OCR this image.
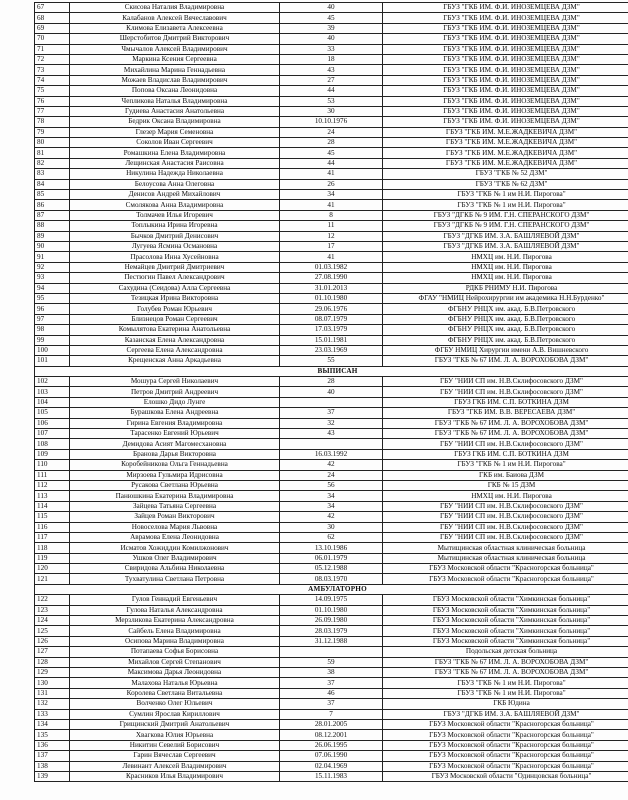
67	Скисова Наталия Владимировна	40	ГБУЗ "ГКБ ИМ. Ф.И. ИНОЗЕМЦЕВА ДЗМ"
68	Калабанов Алексей Вячеславович	45	ГБУЗ "ГКБ ИМ. Ф.И. ИНОЗЕМЦЕВА ДЗМ"
69	Климова Елизавета Алексеевна	39	ГБУЗ "ГКБ ИМ. Ф.И. ИНОЗЕМЦЕВА ДЗМ"
70	Шерстобитов Дмитрий Викторович	40	ГБУЗ "ГКБ ИМ. Ф.И. ИНОЗЕМЦЕВА ДЗМ"
71	Чмычалов Алексей Владимирович	33	ГБУЗ "ГКБ ИМ. Ф.И. ИНОЗЕМЦЕВА ДЗМ"
72	Маркина Ксения Сергеевна	18	ГБУЗ "ГКБ ИМ. Ф.И. ИНОЗЕМЦЕВА ДЗМ"
73	Михайлина Марина Геннадьевна	43	ГБУЗ "ГКБ ИМ. Ф.И. ИНОЗЕМЦЕВА ДЗМ"
74	Можаев Владислав Владимирович	27	ГБУЗ "ГКБ ИМ. Ф.И. ИНОЗЕМЦЕВА ДЗМ"
75	Попова Оксана Леонидовна	44	ГБУЗ "ГКБ ИМ. Ф.И. ИНОЗЕМЦЕВА ДЗМ"
76	Чепликова Наталья Владимировна	53	ГБУЗ "ГКБ ИМ. Ф.И. ИНОЗЕМЦЕВА ДЗМ"
77	Гудиева Анастасия Анатольевна	30	ГБУЗ "ГКБ ИМ. Ф.И. ИНОЗЕМЦЕВА ДЗМ"
78	Бедрик Оксана Владимировна	10.10.1976	ГБУЗ "ГКБ ИМ. Ф.И. ИНОЗЕМЦЕВА ДЗМ"
79	Глезер Мария Семеновна	24	ГБУЗ "ГКБ ИМ. М.Е.ЖАДКЕВИЧА ДЗМ"
80	Соколов Иван Сергеевич	28	ГБУЗ "ГКБ ИМ. М.Е.ЖАДКЕВИЧА ДЗМ"
81	Ромашкина Елена Владимировна	45	ГБУЗ "ГКБ ИМ. М.Е.ЖАДКЕВИЧА ДЗМ"
82	Лещинская Анастасия Раисовна	44	ГБУЗ "ГКБ ИМ. М.Е.ЖАДКЕВИЧА ДЗМ"
83	Никулина Надежда Николаевна	41	ГБУЗ "ГКБ № 52 ДЗМ"
84	Белоусова Анна Олеговна	26	ГБУЗ "ГКБ № 62 ДЗМ"
85	Денисов Андрей Михайлович	34	ГБУЗ "ГКБ № 1 им Н.И. Пирогова"
86	Смолякова Анна Владимировна	41	ГБУЗ "ГКБ № 1 им Н.И. Пирогова"
87	Толмачев Илья Игоревич	8	ГБУЗ "ДГКБ № 9 ИМ. Г.Н. СПЕРАНСКОГО ДЗМ"
88	Топлыкина Ирина Игоревна	11	ГБУЗ "ДГКБ № 9 ИМ. Г.Н. СПЕРАНСКОГО ДЗМ"
89	Бычков Дмитрий Денисович	12	ГБУЗ "ДГКБ ИМ. З.А. БАШЛЯЕВОЙ ДЗМ"
90	Лугуева Ясмина Османовна	17	ГБУЗ "ДГКБ ИМ. З.А. БАШЛЯЕВОЙ ДЗМ"
91	Прасолова Инна Хусейновна	41	НМХЦ им. Н.И. Пирогова
92	Немайцев Дмитрий Дмитриевич	01.03.1982	НМХЦ им. Н.И. Пирогова
93	Пестюгин Павел Александрович	27.08.1990	НМХЦ им. Н.И. Пирогова
94	Сахудина (Сеидова) Алла Сергеевна	31.01.2013	РДКБ РНИМУ Н.И. Пирогова
95	Тезицкая Ирина Викторовна	01.10.1980	ФГАУ "НМИЦ Нейрохирургии им академика Н.Н.Бурденко"
96	Голубев Роман Юрьевич	29.06.1976	ФГБНУ РНЦХ им. акад. Б.В.Петровского
97	Близнецов Роман Сергеевич	08.07.1979	ФГБНУ РНЦХ им. акад. Б.В.Петровского
98	Комылятова Екатерина Анатольевна	17.03.1979	ФГБНУ РНЦХ им. акад. Б.В.Петровского
99	Казанская Елена Александровна	15.01.1981	ФГБНУ РНЦХ им. акад. Б.В.Петровского
100	Сергеева Елена Александровна	23.03.1969	ФГБУ НМИЦ Хирургии имени А.В. Вишневского
101	Крещенская Анна Аркадьевна	55	ГБУЗ "ГКБ № 67 ИМ. Л. А. ВОРОХОБОВА ДЗМ"
ВЫПИСАН			
102	Мошура Сергей Николаевич	28	ГБУ "НИИ СП им. Н.В.Склифосовского ДЗМ"
103	Петров Дмитрий Андреевич	40	ГБУ "НИИ СП им. Н.В.Склифосовского ДЗМ"
104	Елошко Дидо Лунге		ГБУЗ ГКБ ИМ. С.П. БОТКИНА ДЗМ
105	Бурашкова Елена Андреевна	37	ГБУЗ "ГКБ ИМ. В.В. ВЕРЕСАЕВА ДЗМ"
106	Гирина Евгения Владимировна	32	ГБУЗ "ГКБ № 67 ИМ. Л. А. ВОРОХОБОВА ДЗМ"
107	Тарасенко Евгений Юрьевич	43	ГБУЗ "ГКБ № 67 ИМ. Л. А. ВОРОХОБОВА ДЗМ"
108	Демидова Асият Магомесхановна		ГБУ "НИИ СП им. Н.В.Склифосовского ДЗМ"
109	Бранова Дарья Викторовна	16.03.1992	ГБУЗ ГКБ ИМ. С.П. БОТКИНА ДЗМ
110	Коробейникова Ольга Геннадьевна	42	ГБУЗ "ГКБ № 1 им Н.И. Пирогова"
111	Мирзоева Гульмира Идрисовна	24	ГКБ им. Баиова ДЗМ
112	Русакова Светлана Юрьевна	56	ГКБ № 15 ДЗМ
113	Панюшкина Екатерина Владимировна	34	НМХЦ им. Н.И. Пирогова
114	Зайцева Татьяна Сергеевна	34	ГБУ "НИИ СП им. Н.В.Склифосовского ДЗМ"
115	Зайцев Роман Викторович	42	ГБУ "НИИ СП им. Н.В.Склифосовского ДЗМ"
116	Новоселова Мария Львовна	30	ГБУ "НИИ СП им. Н.В.Склифосовского ДЗМ"
117	Аврамова Елена Леонидовна	62	ГБУ "НИИ СП им. Н.В.Склифосовского ДЗМ"
118	Исматов Хожиддин Комилжонович	13.10.1986	Мытищинская областная клиническая больница
119	Ушков Олег Владимирович	06.01.1979	Мытищинская областная клиническая больница
120	Свиридова Альбина Николаевна	05.12.1988	ГБУЗ Московской области "Красногорская больница"
121	Тухватулина Светлана Петровна	08.03.1970	ГБУЗ Московской области "Красногорская больница"
АМБУЛАТОРНО			
122	Гулов Геннадий Евгеньевич	14.09.1975	ГБУЗ Московской области "Химкинская больница"
123	Гулова Наталья Александровна	01.10.1980	ГБУЗ Московской области "Химкинская больница"
124	Мерзликова Екатерина Александровна	26.09.1980	ГБУЗ Московской области "Химкинская больница"
125	Сайбель Елена Владимировна	28.03.1979	ГБУЗ Московской области "Химкинская больница"
126	Осипова Марина Владимировна	31.12.1988	ГБУЗ Московской области "Химкинская больница"
127	Потапаева Софья Борисовна		Подольская детская больница
128	Михайлов Сергей Степанович	59	ГБУЗ "ГКБ № 67 ИМ. Л. А. ВОРОХОБОВА ДЗМ"
129	Максимова Дарья Леонидовна	38	ГБУЗ "ГКБ № 67 ИМ. Л. А. ВОРОХОБОВА ДЗМ"
130	Малахова Наталья Юрьевна	37	ГБУЗ "ГКБ № 1 им Н.И. Пирогова"
131	Королева Светлана Витальевна	46	ГБУЗ "ГКБ № 1 им Н.И. Пирогова"
132	Волченко Олег Юльевич	37	ГКБ Юдина
133	Сумлин Ярослав Кириллович	7	ГБУЗ "ДГКБ ИМ. З.А. БАШЛЯЕВОЙ ДЗМ"
134	Грищинский Дмитрий Анатольевич	28.01.2005	ГБУЗ Московской области "Красногорская больница"
135	Хвагкова Юлия Юрьевна	08.12.2001	ГБУЗ Московской области "Красногорская больница"
136	Никитин Севелий Борисович	26.06.1995	ГБУЗ Московской области "Красногорская больница"
137	Гарин Вячеслав Сергеевич	07.06.1990	ГБУЗ Московской области "Красногорская больница"
138	Левинант Алексей Владимирович	02.04.1969	ГБУЗ Московской области "Красногорская больница"
139	Красников Илья Владимирович	15.11.1983	ГБУЗ Московской области "Одинцовская больница"
